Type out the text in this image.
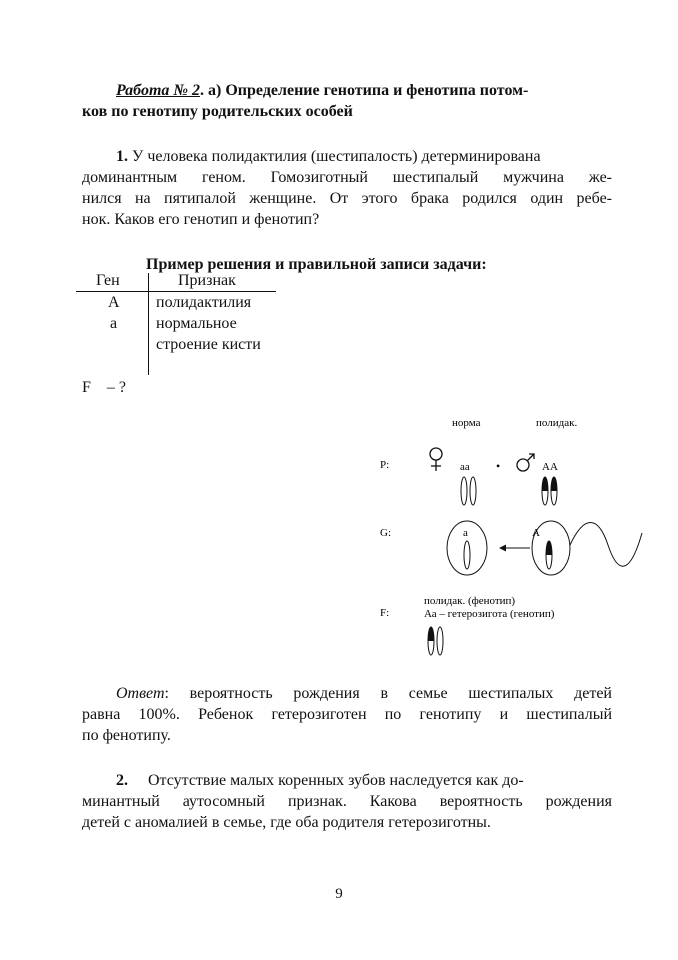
Работа № 2. а) Определение генотипа и фенотипа потом-
ков по генотипу родительских особей
1. У человека полидактилия (шестипалость) детерминирована
доминантным геном. Гомозиготный шестипалый мужчина же-
нился на пятипалой женщине. От этого брака родился один ребе-
нок. Каков его генотип и фенотип?
Пример решения и правильной записи задачи:
Ген	Признак
А полидактилия
а нормальное
строение кисти
F    – ?
норма	полидак.
P:	аа •	АА
G:	а	А
полидак. (фенотип)
F:	Аа – гетерозигота (генотип)
Ответ: вероятность рождения в семье шестипалых детей
равна 100%. Ребенок гетерозиготен по генотипу и шестипалый
по фенотипу.
2. Отсутствие малых коренных зубов наследуется как до-
минантный аутосомный признак. Какова вероятность рождения
детей с аномалией в семье, где оба родителя гетерозиготны.
9
